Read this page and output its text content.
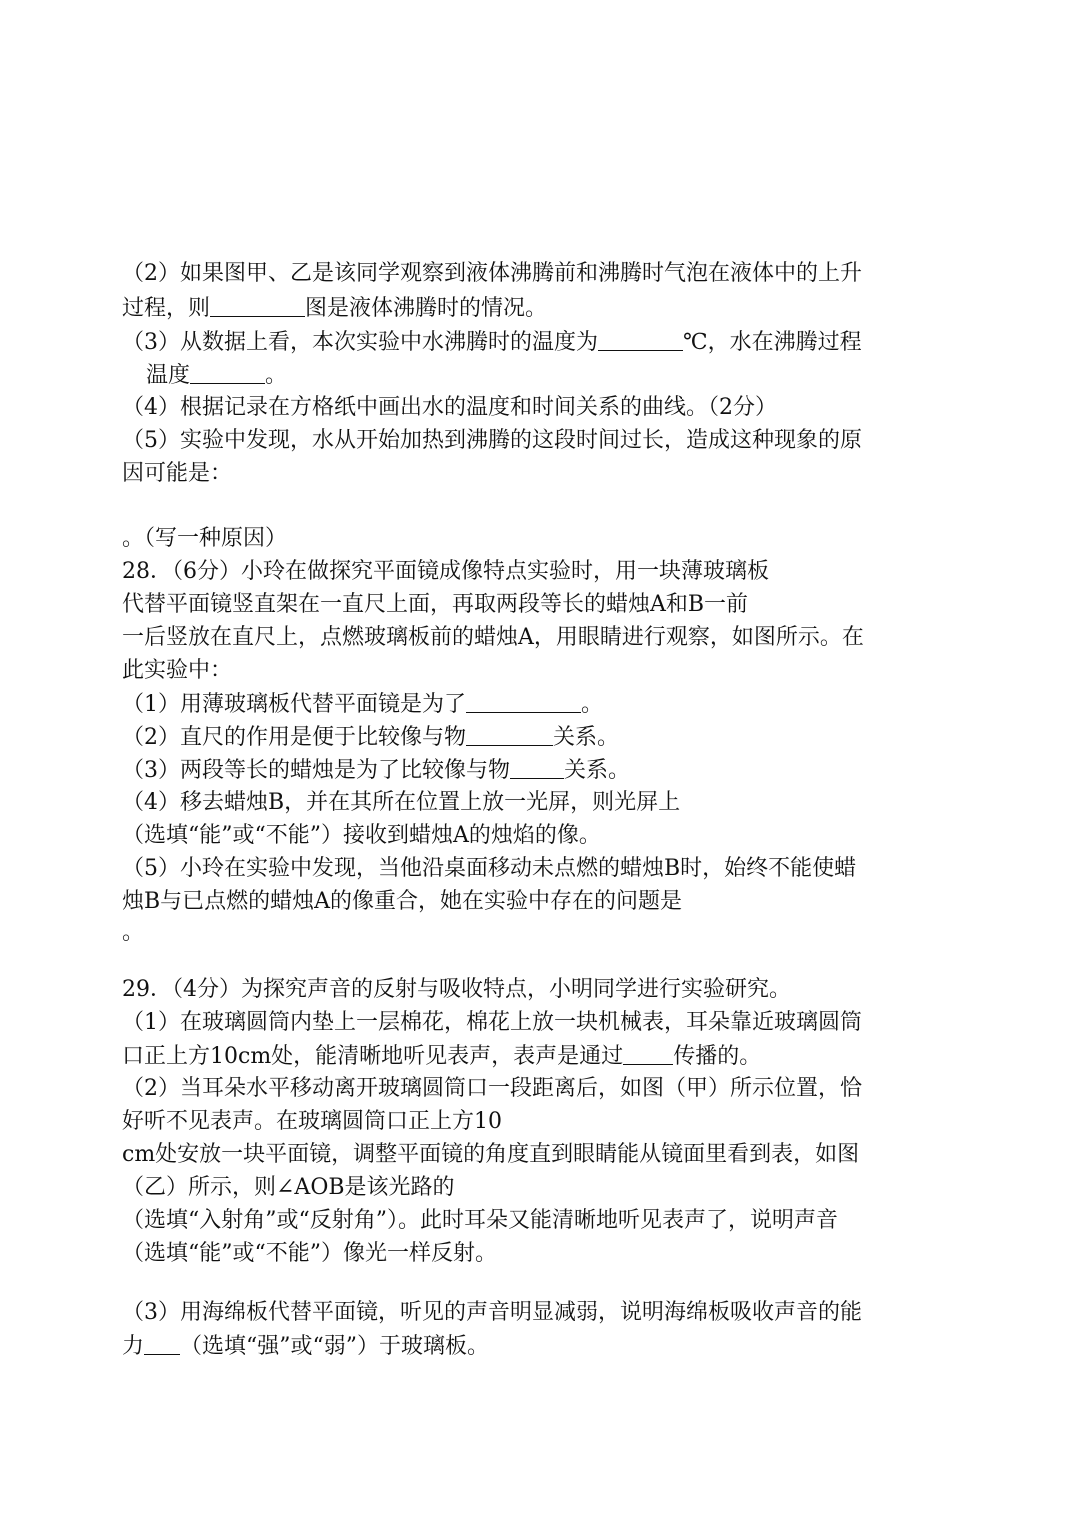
（2）如果图甲、乙是该同学观察到液体沸腾前和沸腾时气泡在液体中的上升
过程，则	图是液体沸腾时的情况。
（3）从数据上看，本次实验中水沸腾时的温度为	℃，水在沸腾过程
温度	。
（4）根据记录在方格纸中画出水的温度和时间关系的曲线。（2分）
（5）实验中发现，水从开始加热到沸腾的这段时间过长，造成这种现象的原
因可能是：
。（写一种原因）
28．（6分）小玲在做探究平面镜成像特点实验时，用一块薄玻璃板
代替平面镜竖直架在一直尺上面，再取两段等长的蜡烛A和B一前
一后竖放在直尺上，点燃玻璃板前的蜡烛A，用眼睛进行观察，如图所示。在
此实验中：
（1）用薄玻璃板代替平面镜是为了	。
（2）直尺的作用是便于比较像与物	关系。
（3）两段等长的蜡烛是为了比较像与物 关系。
（4）移去蜡烛B，并在其所在位置上放一光屏，则光屏上
（选填“能”或“不能”）接收到蜡烛A的烛焰的像。
（5）小玲在实验中发现，当他沿桌面移动未点燃的蜡烛B时，始终不能使蜡
烛B与已点燃的蜡烛A的像重合，她在实验中存在的问题是
。
29．（4分）为探究声音的反射与吸收特点，小明同学进行实验研究。
（1）在玻璃圆筒内垫上一层棉花，棉花上放一块机械表，耳朵靠近玻璃圆筒
口正上方10cm处，能清晰地听见表声，表声是通过 传播的。
（2）当耳朵水平移动离开玻璃圆筒口一段距离后，如图（甲）所示位置，恰
好听不见表声。在玻璃圆筒口正上方10
cm处安放一块平面镜，调整平面镜的角度直到眼睛能从镜面里看到表，如图
（乙）所示，则∠AOB是该光路的
（选填“入射角”或“反射角”）。此时耳朵又能清晰地听见表声了，说明声音
（选填“能”或“不能”）像光一样反射。
（3）用海绵板代替平面镜，听见的声音明显减弱，说明海绵板吸收声音的能
力 （选填“强”或“弱”）于玻璃板。
